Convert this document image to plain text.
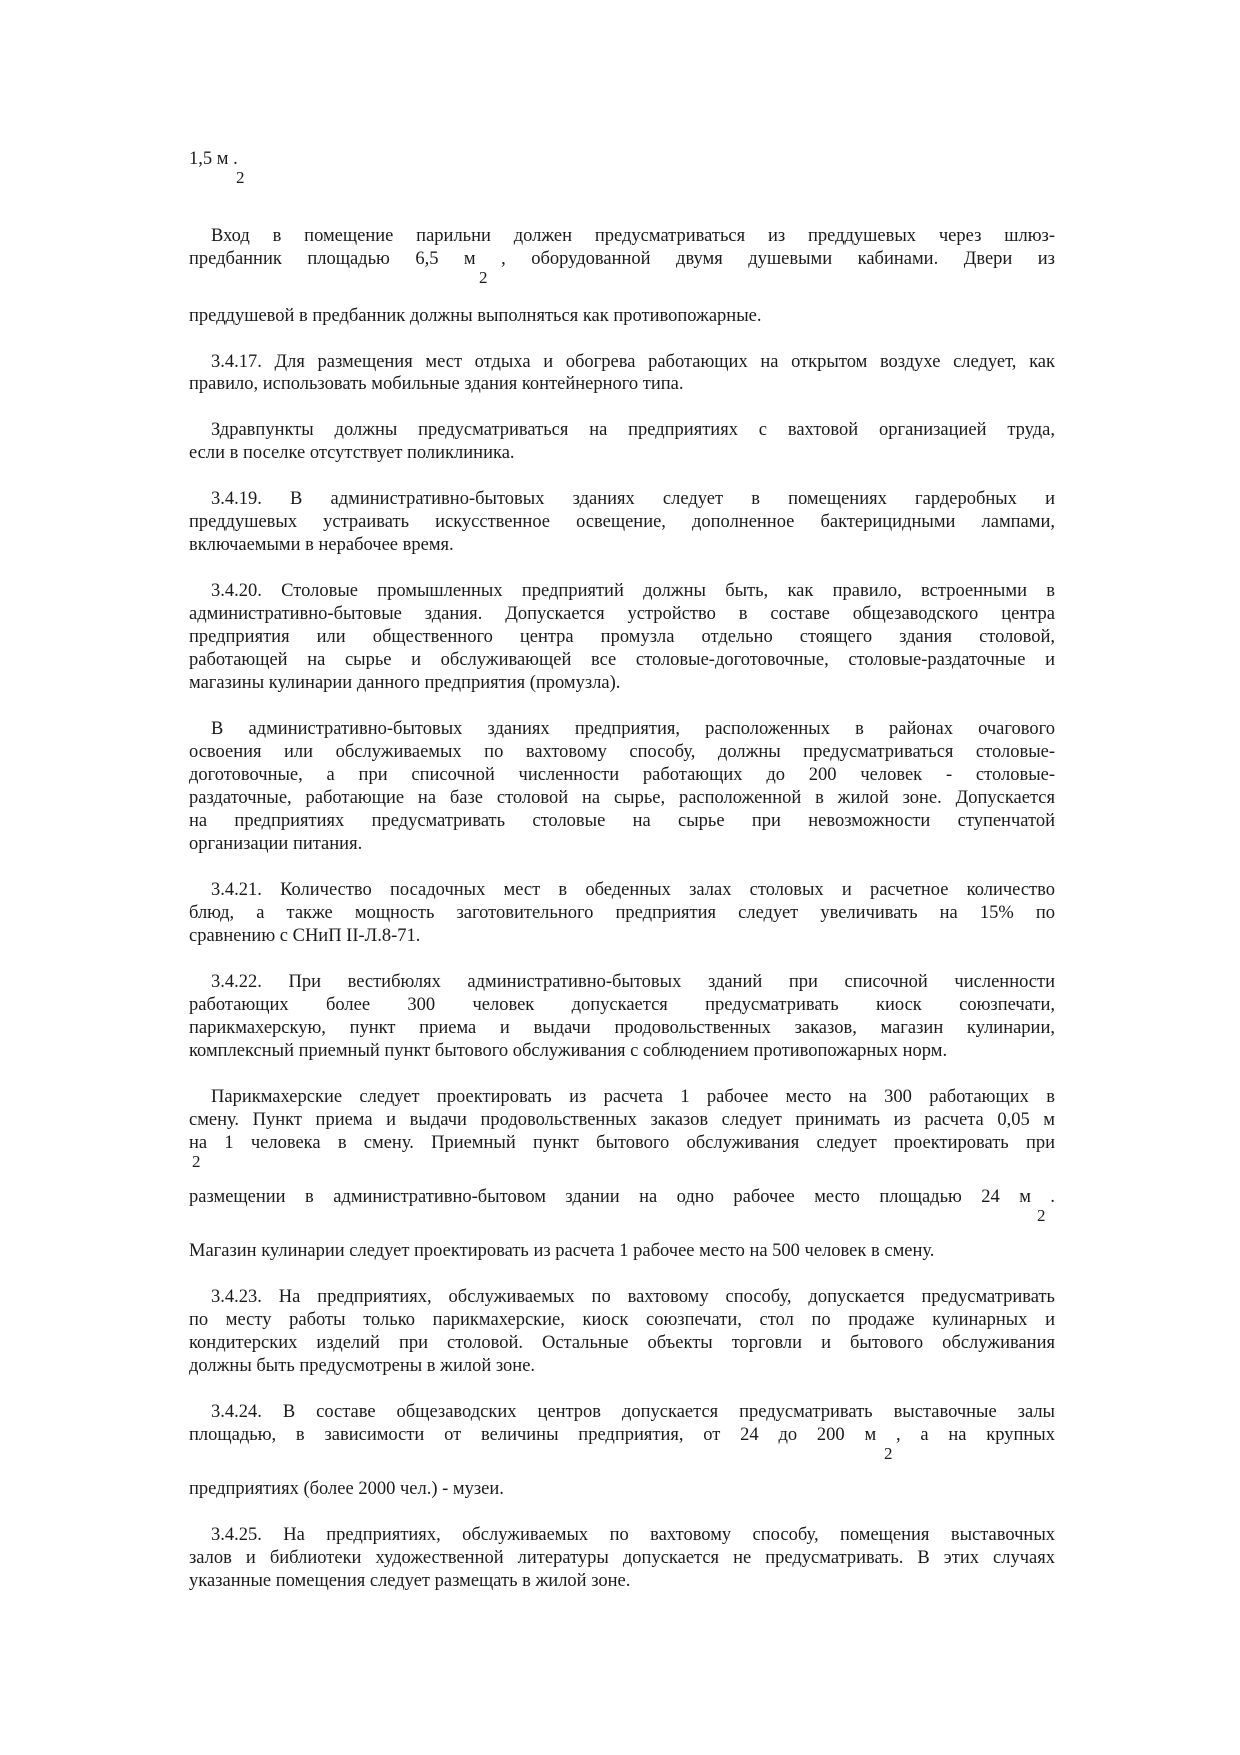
1,5 м .
2
Вход в помещение парильни должен предусматриваться из преддушевых через шлюз-
предбанник площадью 6,5 м , оборудованной двумя душевыми кабинами. Двери из
2
преддушевой в предбанник должны выполняться как противопожарные.
3.4.17. Для размещения мест отдыха и обогрева работающих на открытом воздухе следует, как
правило, использовать мобильные здания контейнерного типа.
Здравпункты должны предусматриваться на предприятиях с вахтовой организацией труда,
если в поселке отсутствует поликлиника.
3.4.19. В административно-бытовых зданиях следует в помещениях гардеробных и
преддушевых устраивать искусственное освещение, дополненное бактерицидными лампами,
включаемыми в нерабочее время.
3.4.20. Столовые промышленных предприятий должны быть, как правило, встроенными в
административно-бытовые здания. Допускается устройство в составе общезаводского центра
предприятия или общественного центра промузла отдельно стоящего здания столовой,
работающей на сырье и обслуживающей все столовые-доготовочные, столовые-раздаточные и
магазины кулинарии данного предприятия (промузла).
В административно-бытовых зданиях предприятия, расположенных в районах очагового
освоения или обслуживаемых по вахтовому способу, должны предусматриваться столовые-
доготовочные, а при списочной численности работающих до 200 человек - столовые-
раздаточные, работающие на базе столовой на сырье, расположенной в жилой зоне. Допускается
на предприятиях предусматривать столовые на сырье при невозможности ступенчатой
организации питания.
3.4.21. Количество посадочных мест в обеденных залах столовых и расчетное количество
блюд, а также мощность заготовительного предприятия следует увеличивать на 15% по
сравнению с СНиП II-Л.8-71.
3.4.22. При вестибюлях административно-бытовых зданий при списочной численности
работающих более 300 человек допускается предусматривать киоск союзпечати,
парикмахерскую, пункт приема и выдачи продовольственных заказов, магазин кулинарии,
комплексный приемный пункт бытового обслуживания с соблюдением противопожарных норм.
Парикмахерские следует проектировать из расчета 1 рабочее место на 300 работающих в
смену. Пункт приема и выдачи продовольственных заказов следует принимать из расчета 0,05 м
на 1 человека в смену. Приемный пункт бытового обслуживания следует проектировать при
2
размещении в административно-бытовом здании на одно рабочее место площадью 24 м .
2
Магазин кулинарии следует проектировать из расчета 1 рабочее место на 500 человек в смену.
3.4.23. На предприятиях, обслуживаемых по вахтовому способу, допускается предусматривать
по месту работы только парикмахерские, киоск союзпечати, стол по продаже кулинарных и
кондитерских изделий при столовой. Остальные объекты торговли и бытового обслуживания
должны быть предусмотрены в жилой зоне.
3.4.24. В составе общезаводских центров допускается предусматривать выставочные залы
площадью, в зависимости от величины предприятия, от 24 до 200 м , а на крупных
2
предприятиях (более 2000 чел.) - музеи.
3.4.25. На предприятиях, обслуживаемых по вахтовому способу, помещения выставочных
залов и библиотеки художественной литературы допускается не предусматривать. В этих случаях
указанные помещения следует размещать в жилой зоне.
